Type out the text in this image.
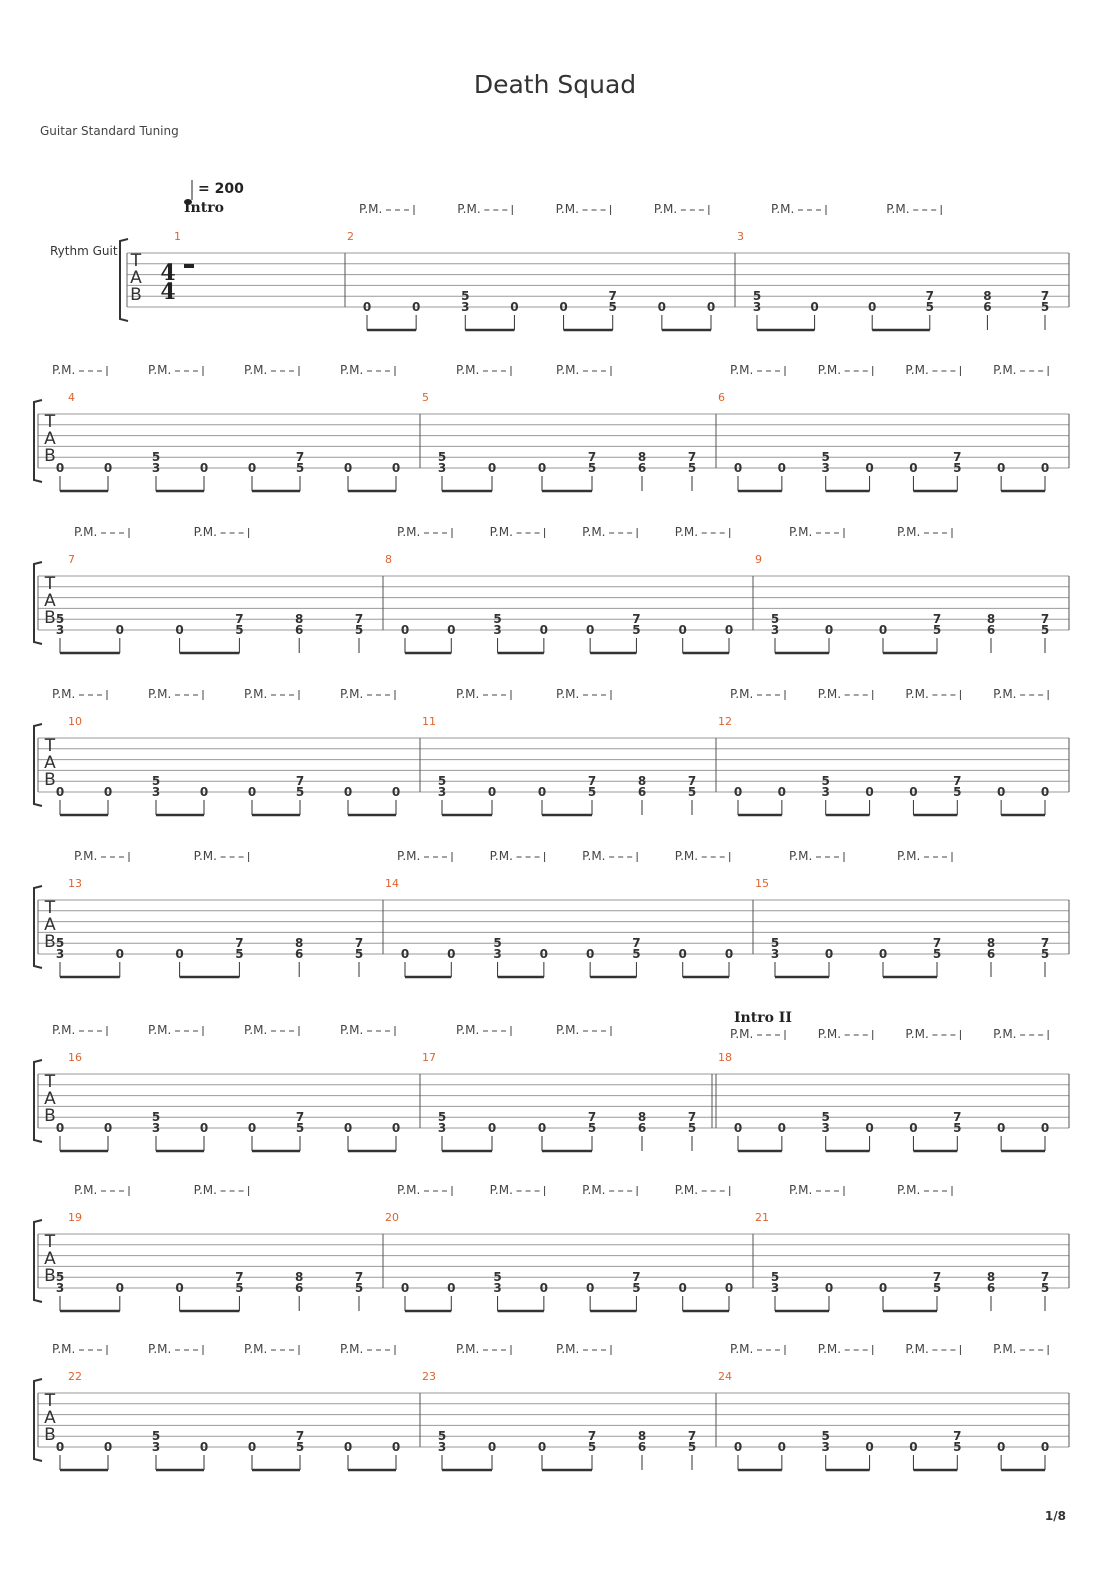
Death Squad
Guitar Standard Tuning
T
A
B
Rythm Guit
1
4
4
= 200
Intro
2
0	0
5
3	0	0
7
5	0	0
P.M.	P.M.	P.M.	P.M.
3
5
3	0	0
7
5
8
6
7
5
P.M.	P.M.
T
A
B
4
0	0
5
3	0	0
7
5	0	0
P.M.	P.M.	P.M.	P.M.
5
5
3	0	0
7
5
8
6
7
5
P.M.	P.M.
6
0	0
5
3	0	0
7
5	0	0
P.M.	P.M.	P.M.	P.M.
T
A
B
7
5
3	0	0
7
5
8
6
7
5
P.M.	P.M.
8
0	0
5
3	0	0
7
5	0	0
P.M.	P.M.	P.M.	P.M.
9
5
3	0	0
7
5
8
6
7
5
P.M.	P.M.
T
A
B
10
0	0
5
3	0	0
7
5	0	0
P.M.	P.M.	P.M.	P.M.
11
5
3	0	0
7
5
8
6
7
5
P.M.	P.M.
12
0	0
5
3	0	0
7
5	0	0
P.M.	P.M.	P.M.	P.M.
T
A
B
13
5
3	0	0
7
5
8
6
7
5
P.M.	P.M.
14
0	0
5
3	0	0
7
5	0	0
P.M.	P.M.	P.M.	P.M.
15
5
3	0	0
7
5
8
6
7
5
P.M.	P.M.
T
A
B
16
0	0
5
3	0	0
7
5	0	0
P.M.	P.M.	P.M.	P.M.
17
5
3	0	0
7
5
8
6
7
5
P.M.	P.M.
18
0	0
5
3	0	0
7
5	0	0
Intro II
P.M.	P.M.	P.M.	P.M.
T
A
B
19
5
3	0	0
7
5
8
6
7
5
P.M.	P.M.
20
0	0
5
3	0	0
7
5	0	0
P.M.	P.M.	P.M.	P.M.
21
5
3	0	0
7
5
8
6
7
5
P.M.	P.M.
T
A
B
22
0	0
5
3	0	0
7
5	0	0
P.M.	P.M.	P.M.	P.M.
23
5
3	0	0
7
5
8
6
7
5
P.M.	P.M.
24
0	0
5
3	0	0
7
5	0	0
P.M.	P.M.	P.M.	P.M.
1/8
